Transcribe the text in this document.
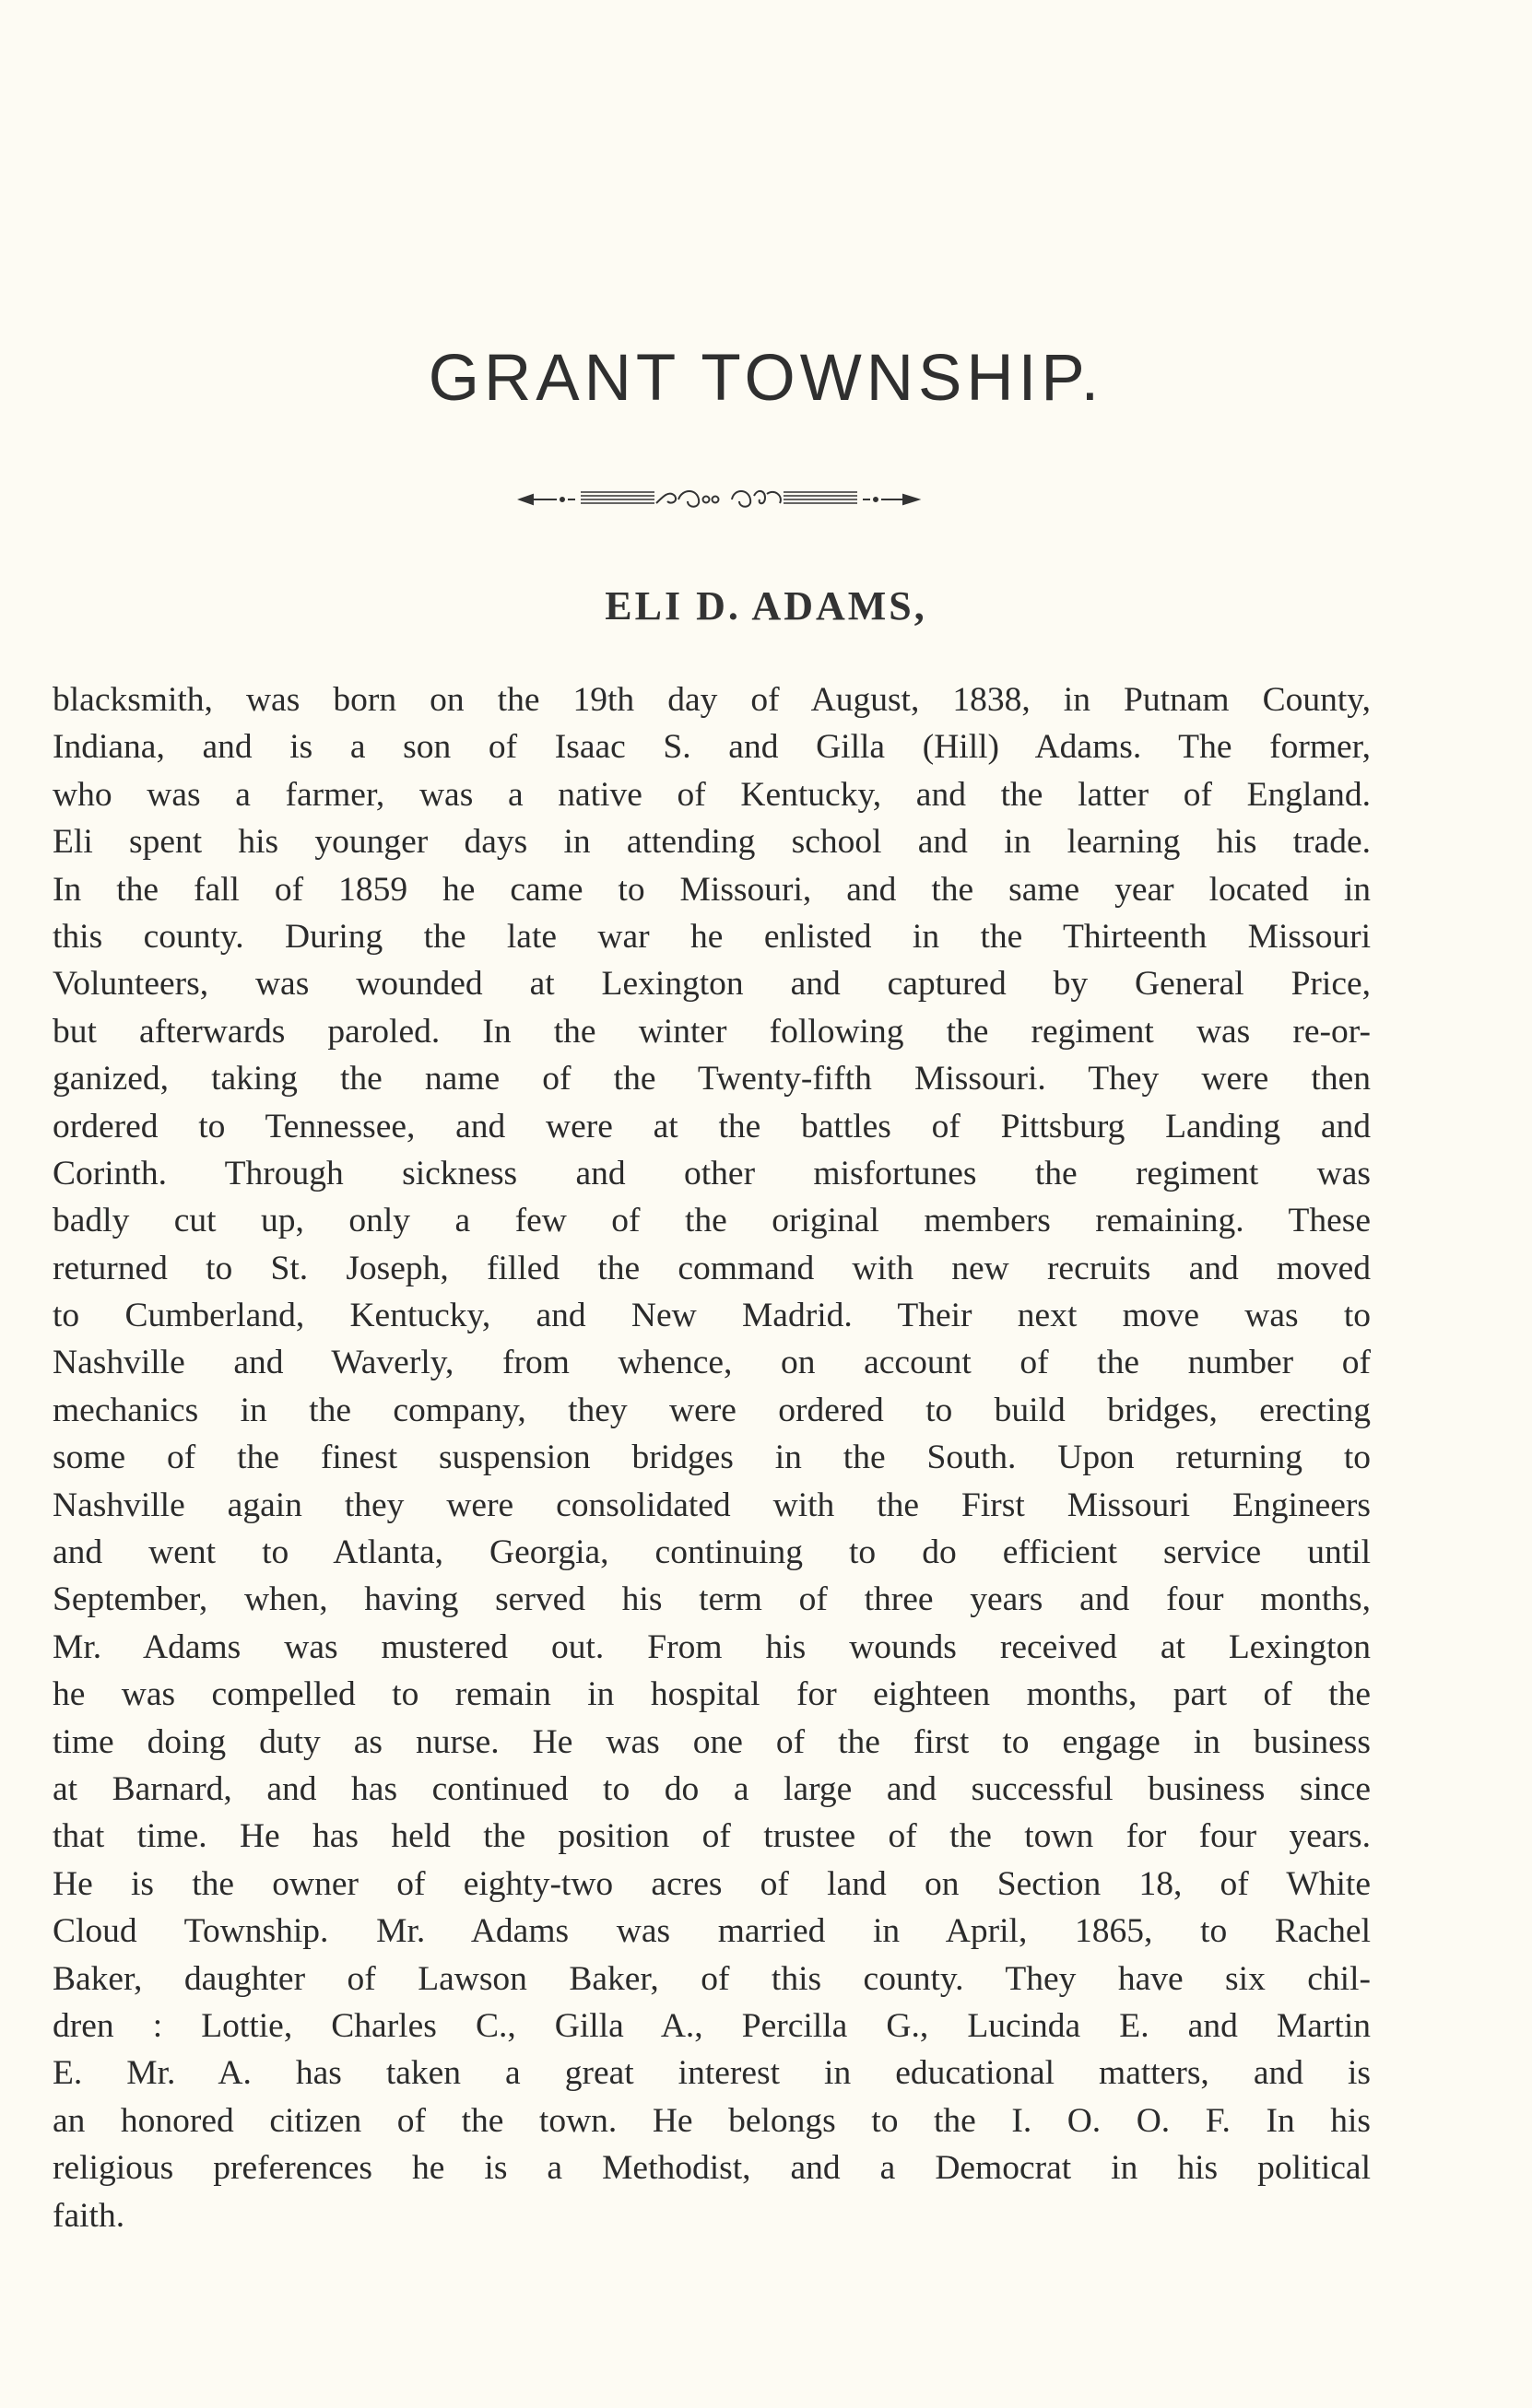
GRANT TOWNSHIP.
ELI D. ADAMS,
blacksmith, was born on the 19th day of August, 1838, in Putnam County,
Indiana, and is a son of Isaac S. and Gilla (Hill) Adams. The former,
who was a farmer, was a native of Kentucky, and the latter of England.
Eli spent his younger days in attending school and in learning his trade.
In the fall of 1859 he came to Missouri, and the same year located in
this county. During the late war he enlisted in the Thirteenth Missouri
Volunteers, was wounded at Lexington and captured by General Price,
but afterwards paroled. In the winter following the regiment was re-or-
ganized, taking the name of the Twenty-fifth Missouri. They were then
ordered to Tennessee, and were at the battles of Pittsburg Landing and
Corinth. Through sickness and other misfortunes the regiment was
badly cut up, only a few of the original members remaining. These
returned to St. Joseph, filled the command with new recruits and moved
to Cumberland, Kentucky, and New Madrid. Their next move was to
Nashville and Waverly, from whence, on account of the number of
mechanics in the company, they were ordered to build bridges, erecting
some of the finest suspension bridges in the South. Upon returning to
Nashville again they were consolidated with the First Missouri Engineers
and went to Atlanta, Georgia, continuing to do efficient service until
September, when, having served his term of three years and four months,
Mr. Adams was mustered out. From his wounds received at Lexington
he was compelled to remain in hospital for eighteen months, part of the
time doing duty as nurse. He was one of the first to engage in business
at Barnard, and has continued to do a large and successful business since
that time. He has held the position of trustee of the town for four years.
He is the owner of eighty-two acres of land on Section 18, of White
Cloud Township. Mr. Adams was married in April, 1865, to Rachel
Baker, daughter of Lawson Baker, of this county. They have six chil-
dren : Lottie, Charles C., Gilla A., Percilla G., Lucinda E. and Martin
E. Mr. A. has taken a great interest in educational matters, and is
an honored citizen of the town. He belongs to the I. O. O. F. In his
religious preferences he is a Methodist, and a Democrat in his political
faith.
